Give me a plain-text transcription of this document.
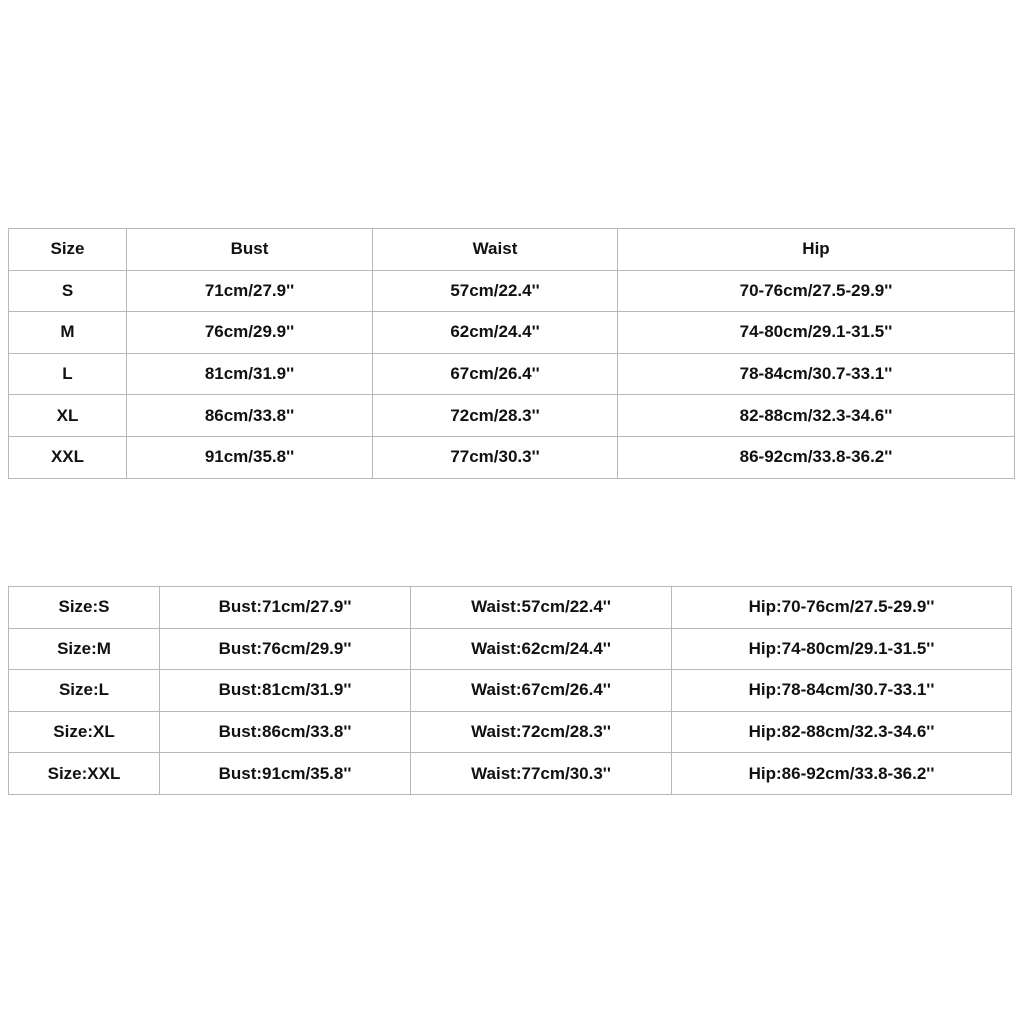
Size	Bust	Waist	Hip
S	71cm/27.9''	57cm/22.4''	70-76cm/27.5-29.9''
M	76cm/29.9''	62cm/24.4''	74-80cm/29.1-31.5''
L	81cm/31.9''	67cm/26.4''	78-84cm/30.7-33.1''
XL	86cm/33.8''	72cm/28.3''	82-88cm/32.3-34.6''
XXL	91cm/35.8''	77cm/30.3''	86-92cm/33.8-36.2''
Size:S	Bust:71cm/27.9''	Waist:57cm/22.4''	Hip:70-76cm/27.5-29.9''
Size:M	Bust:76cm/29.9''	Waist:62cm/24.4''	Hip:74-80cm/29.1-31.5''
Size:L	Bust:81cm/31.9''	Waist:67cm/26.4''	Hip:78-84cm/30.7-33.1''
Size:XL	Bust:86cm/33.8''	Waist:72cm/28.3''	Hip:82-88cm/32.3-34.6''
Size:XXL	Bust:91cm/35.8''	Waist:77cm/30.3''	Hip:86-92cm/33.8-36.2''
